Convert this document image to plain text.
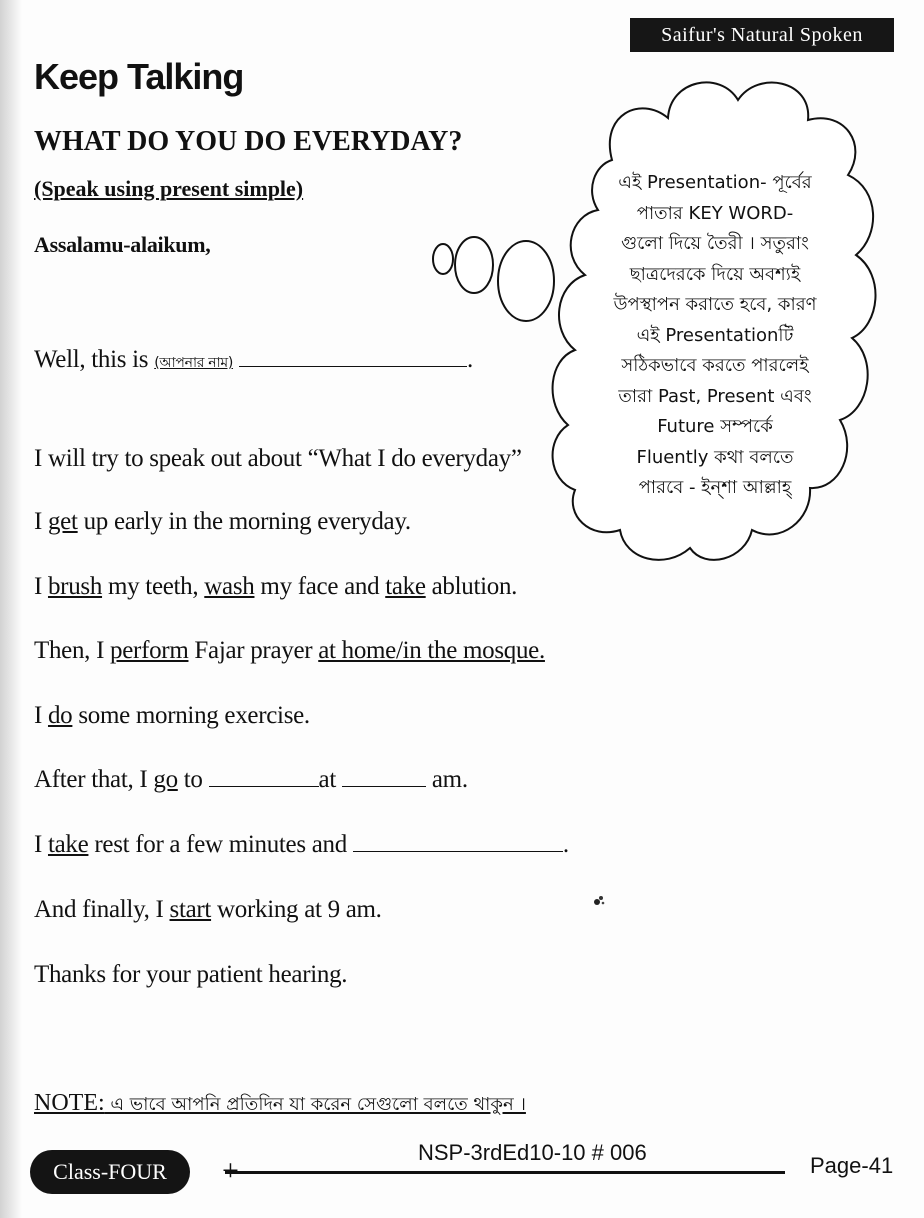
Saifur's Natural Spoken
Keep Talking
WHAT DO YOU DO EVERYDAY?
(Speak using present simple)
Assalamu-alaikum,
Well, this is (আপনার নাম)	.
I will try to speak out about “What I do everyday”
I get up early in the morning everyday.
I brush my teeth, wash my face and take ablution.
Then, I perform Fajar prayer at home/in the mosque.
I do some morning exercise.
After that, I go to	at	am.
I take rest for a few minutes and	.
And finally, I start working at 9 am.
Thanks for your patient hearing.
এই Presentation- পূর্বের
পাতার KEY WORD-
গুলো দিয়ে তৈরী । সতুরাং
ছাত্রদেরকে দিয়ে অবশ্যই
উপস্থাপন করাতে হবে, কারণ
এই Presentationটি
সঠিকভাবে করতে পারলেই
তারা Past, Present এবং
Future সম্পর্কে
Fluently কথা বলতে
পারবে - ইন্‌শা আল্লাহ্‌
NOTE: এ ভাবে আপনি প্রতিদিন যা করেন সেগুলো বলতে থাকুন ।
Class-FOUR	+
NSP-3rdEd10-10 # 006
Page-41
